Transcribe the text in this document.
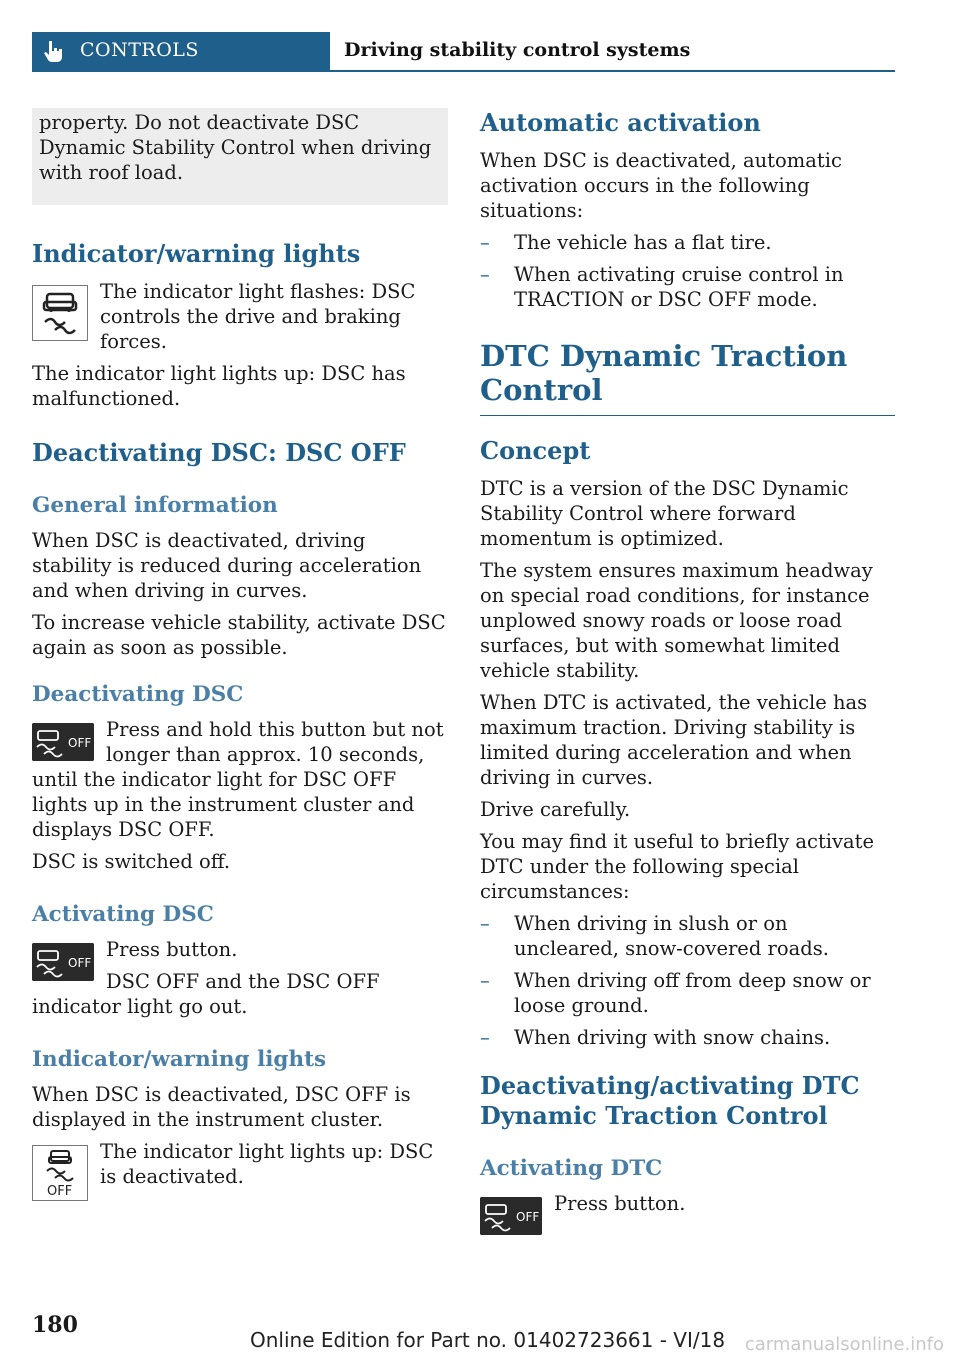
CONTROLS	Driving stability control systems

property. Do not deactivate DSC Dynamic Stability Control when driving with roof load.

Indicator/warning lights

The indicator light flashes: DSC controls the drive and braking forces.

The indicator light lights up: DSC has malfunctioned.

Deactivating DSC: DSC OFF
General information

When DSC is deactivated, driving stability is reduced during acceleration and when driving in curves.

To increase vehicle stability, activate DSC again as soon as possible.

Deactivating DSC
OFF

Press and hold this button but not longer than approx. 10 seconds, until the indicator light for DSC OFF lights up in the instrument cluster and displays DSC OFF.

DSC is switched off.

Activating DSC
OFF

Press button.

DSC OFF and the DSC OFF indicator light go out.

Indicator/warning lights

When DSC is deactivated, DSC OFF is displayed in the instrument cluster.

OFF

The indicator light lights up: DSC is deactivated.

Automatic activation

When DSC is deactivated, automatic activation occurs in the following situations:

– The vehicle has a flat tire.
– When activating cruise control in TRACTION or DSC OFF mode.
DTC Dynamic Traction Control
Concept

DTC is a version of the DSC Dynamic Stability Control where forward momentum is optimized.

The system ensures maximum headway on special road conditions, for instance unplowed snowy roads or loose road surfaces, but with somewhat limited vehicle stability.

When DTC is activated, the vehicle has maximum traction. Driving stability is limited during acceleration and when driving in curves.

Drive carefully.

You may find it useful to briefly activate DTC under the following special circumstances:

– When driving in slush or on uncleared, snow-covered roads.
– When driving off from deep snow or loose ground.
– When driving with snow chains.
Deactivating/activating DTC Dynamic Traction Control
Activating DTC
OFF

Press button.

180
Online Edition for Part no. 01402723661 - VI/18 carmanualsonline.info
